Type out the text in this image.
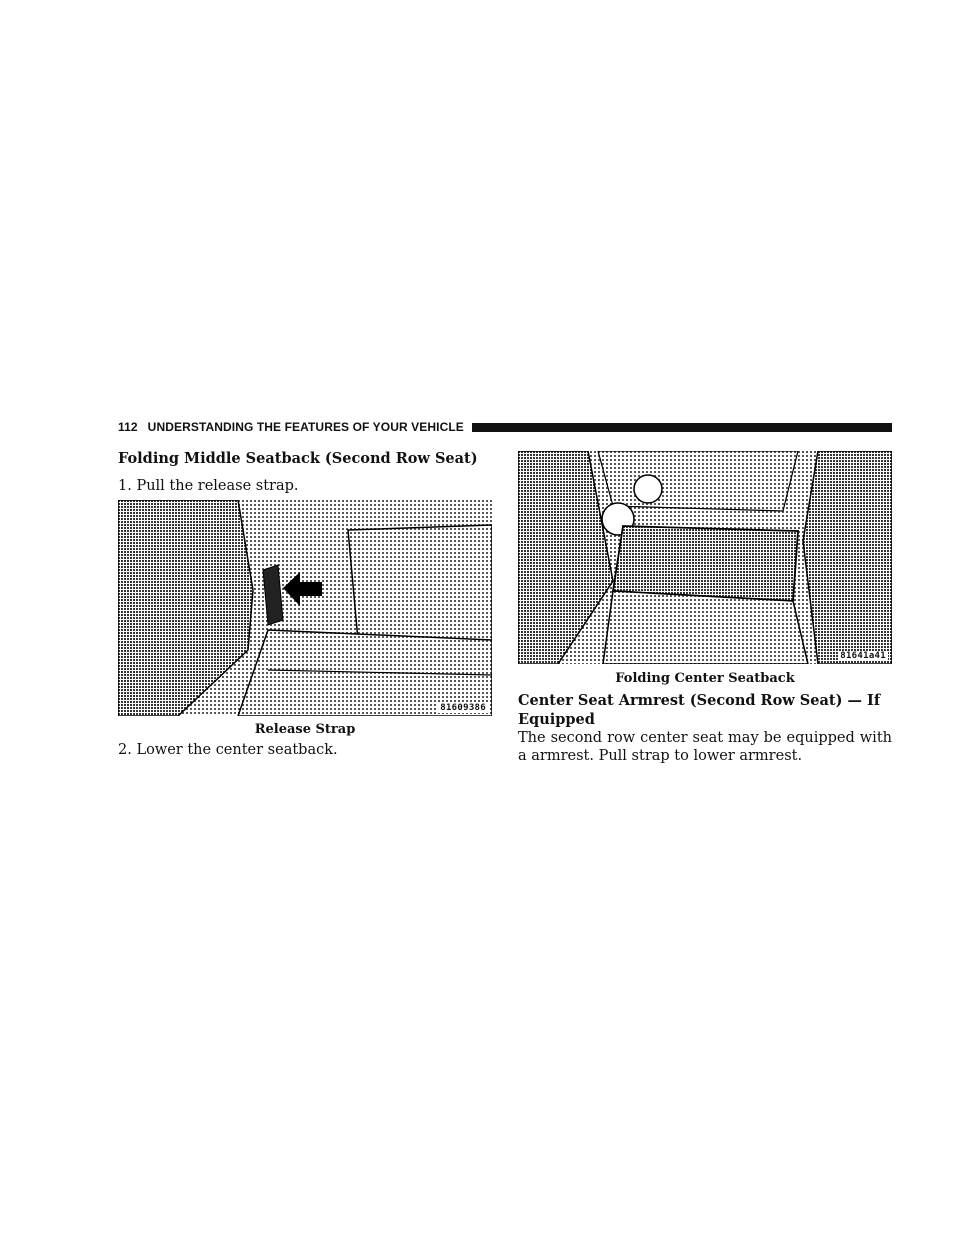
112 UNDERSTANDING THE FEATURES OF YOUR VEHICLE
Folding Middle Seatback (Second Row Seat)
1. Pull the release strap.
81609386
Release Strap
2. Lower the center seatback.
81641a41
Folding Center Seatback
Center Seat Armrest (Second Row Seat) — If Equipped
The second row center seat may be equipped with a armrest. Pull strap to lower armrest.
